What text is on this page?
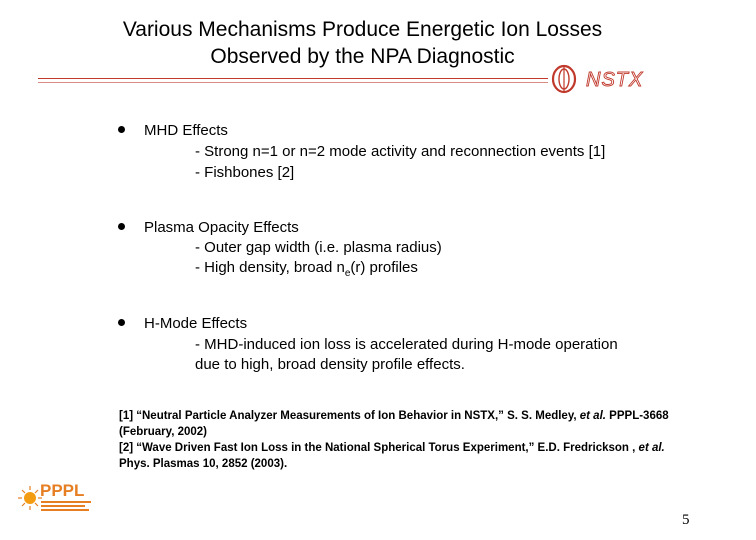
Various Mechanisms Produce Energetic Ion Losses
Observed by the NPA Diagnostic
NSTX
MHD Effects
- Strong n=1 or n=2 mode activity and reconnection events [1]
- Fishbones [2]
Plasma Opacity Effects
- Outer gap width (i.e. plasma radius)
- High density, broad $n_e(r)$ profiles
H-Mode Effects
- MHD-induced ion loss is accelerated during H-mode operation
due to high, broad density profile effects.
[1] “Neutral Particle Analyzer Measurements of Ion Behavior in NSTX,” S. S. Medley, et al. PPPL-3668 (February, 2002)
[2] “Wave Driven Fast Ion Loss in the National Spherical Torus Experiment,” E.D. Fredrickson , et al. Phys. Plasmas 10, 2852 (2003).
PPPL
5
